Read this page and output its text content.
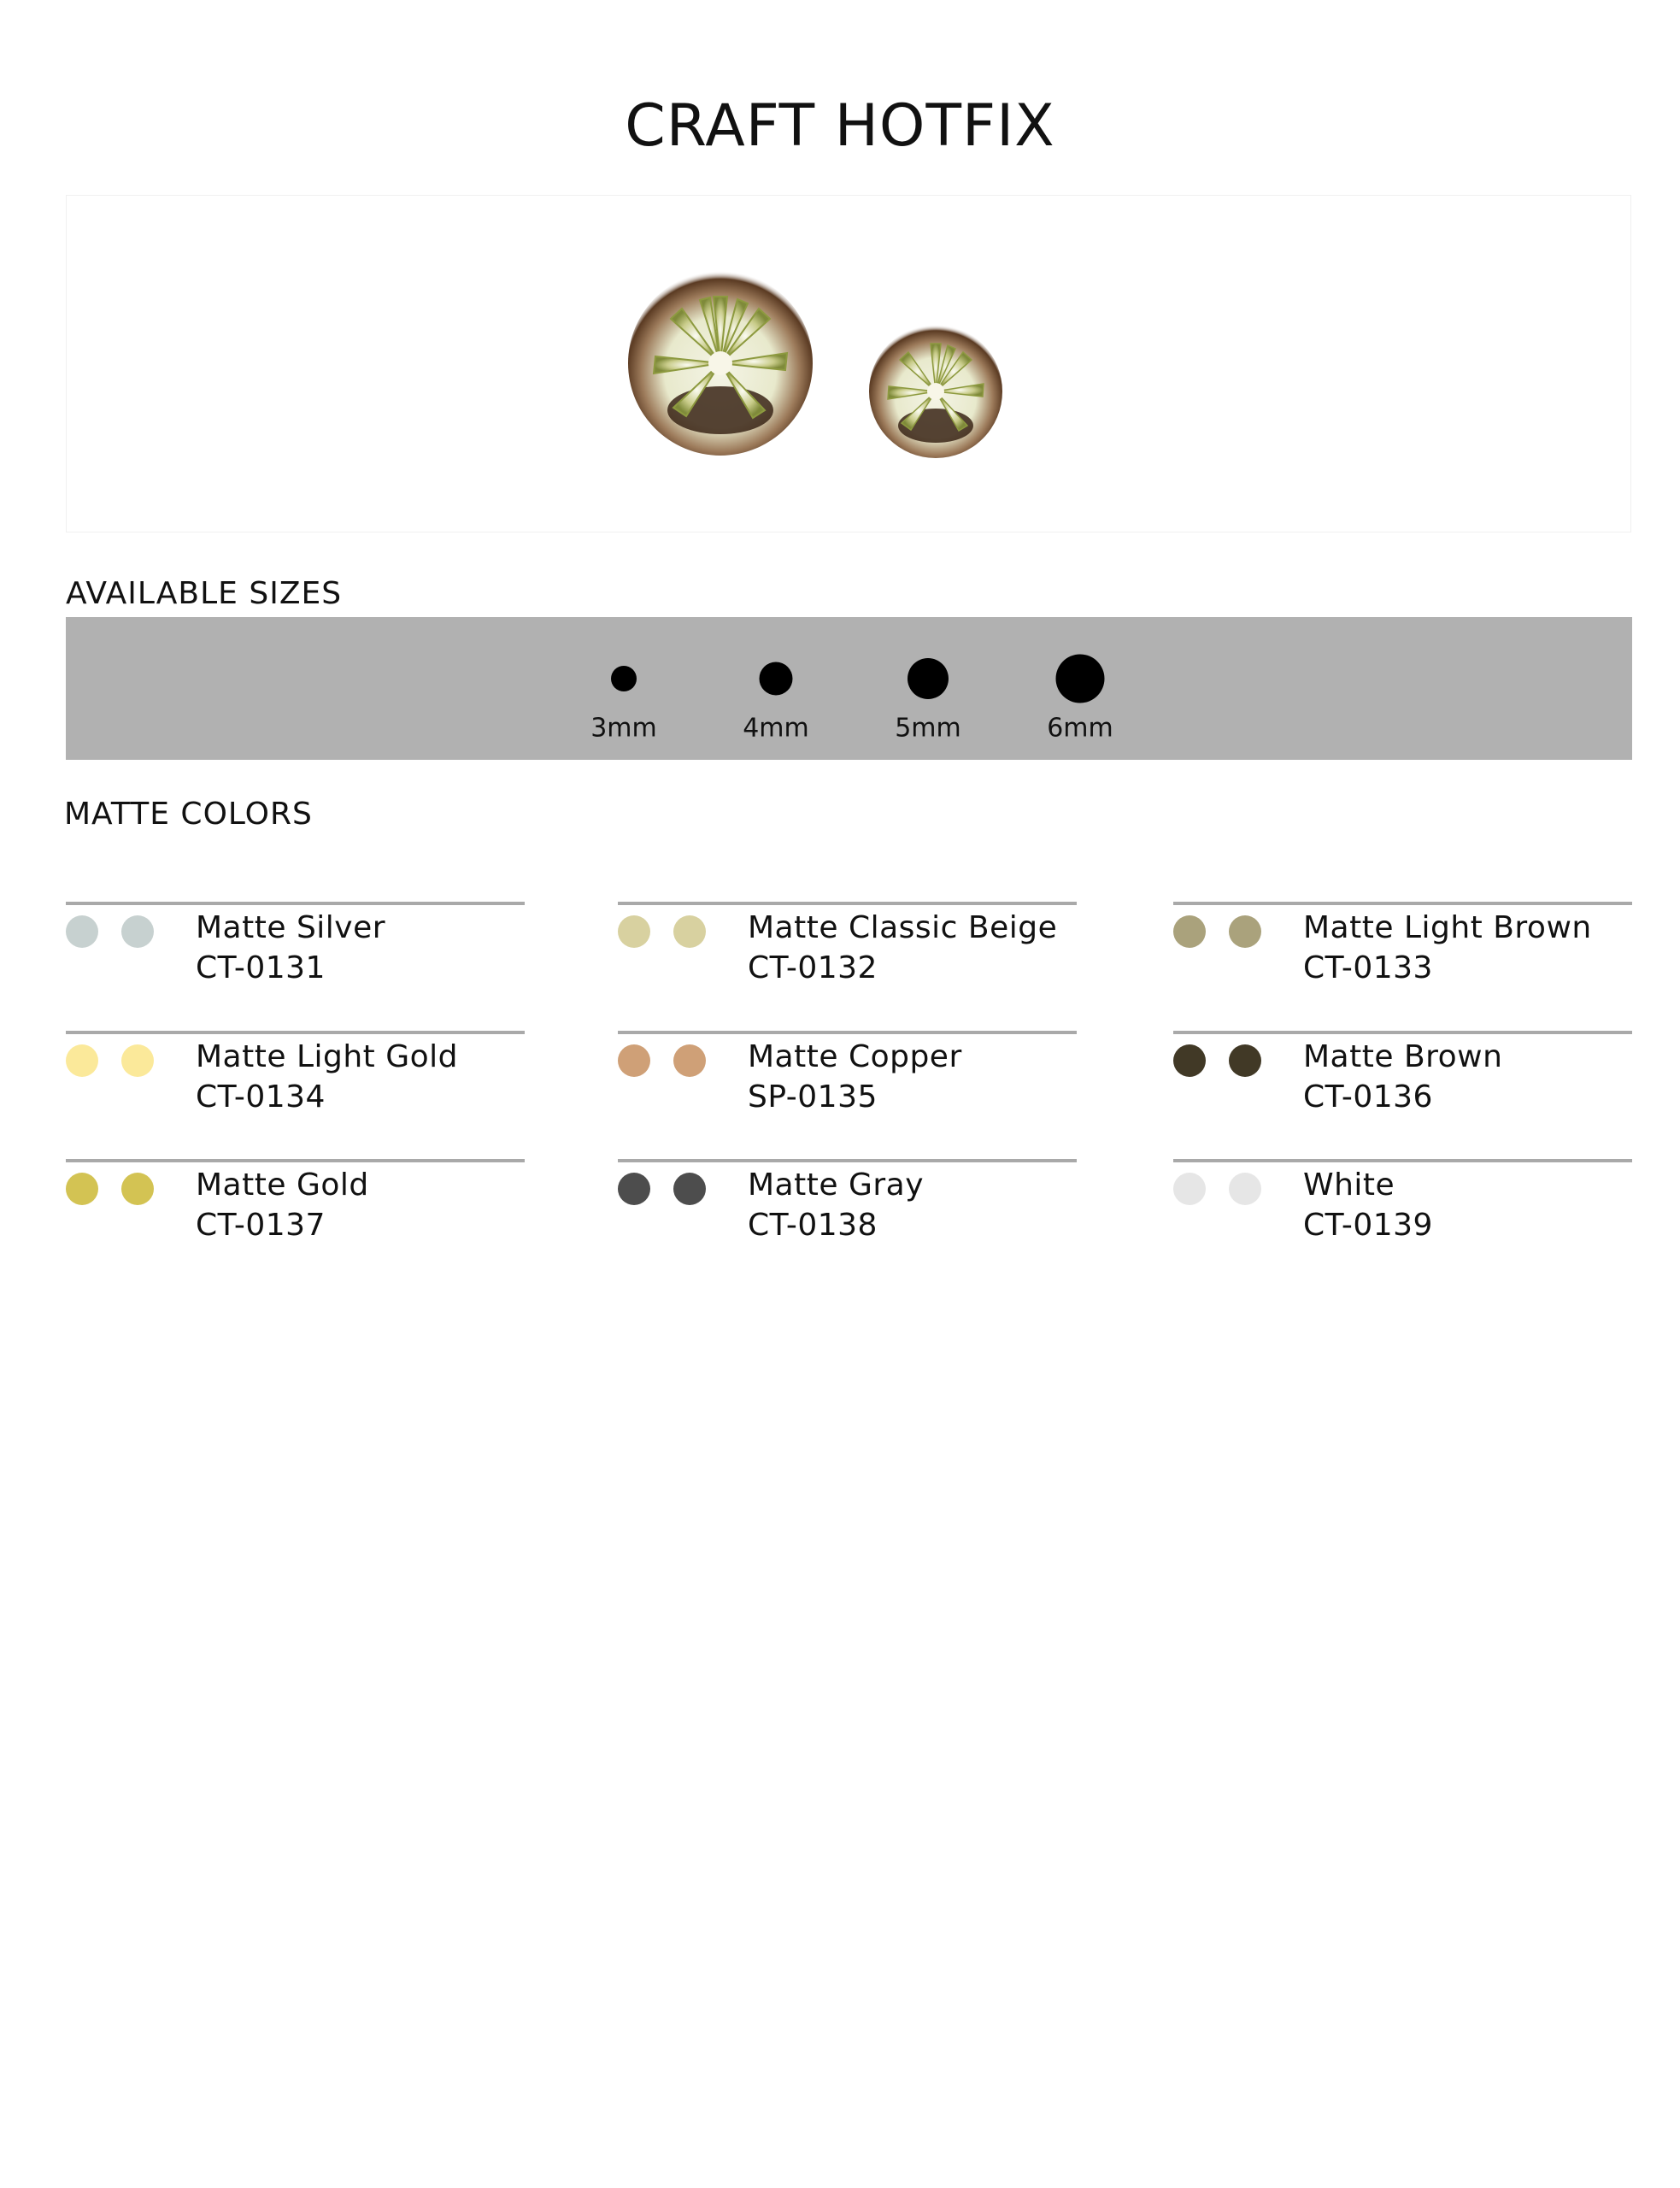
CRAFT HOTFIX
AVAILABLE SIZES
3mm	4mm	5mm	6mm
MATTE COLORS
Matte Silver
CT-0131
Matte Classic Beige
CT-0132
Matte Light Brown
CT-0133
Matte Light Gold
CT-0134
Matte Copper
SP-0135
Matte Brown
CT-0136
Matte Gold
CT-0137
Matte Gray
CT-0138
White
CT-0139
